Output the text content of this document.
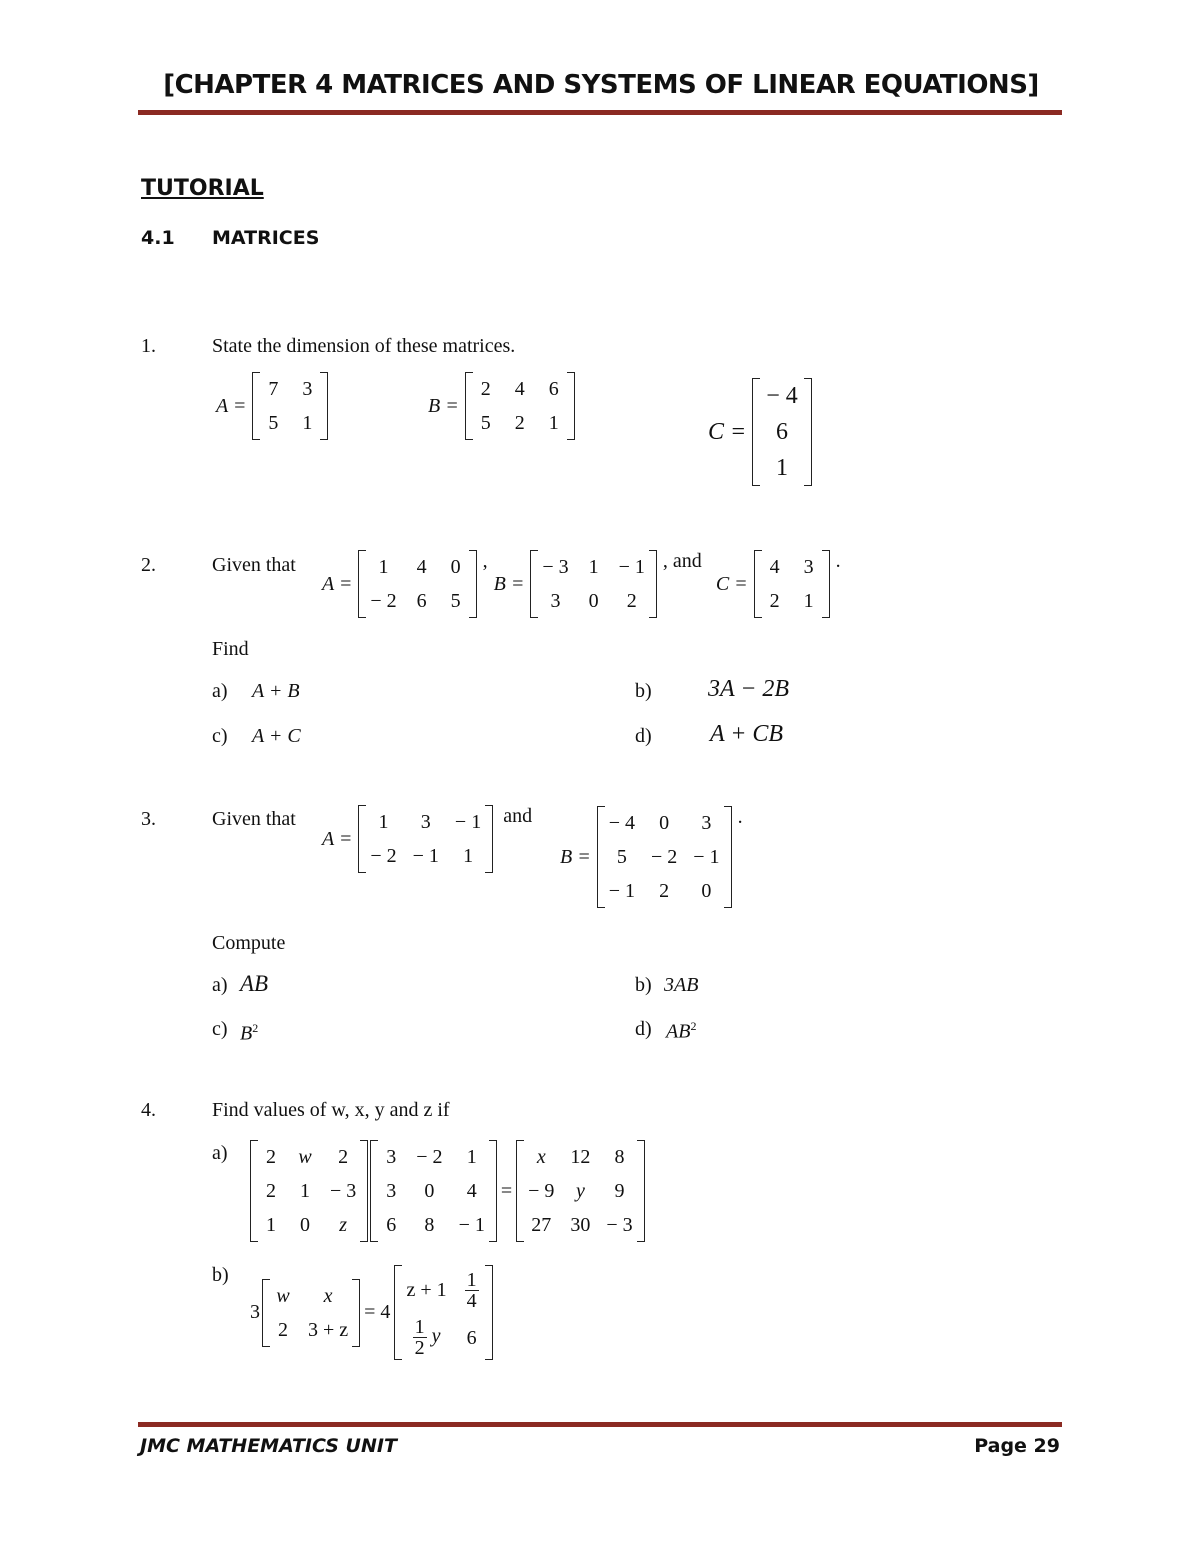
[CHAPTER 4 MATRICES AND SYSTEMS OF LINEAR EQUATIONS]
TUTORIAL
4.1 MATRICES
1.	State the dimension of these matrices.
A =
7	3
5	1
B =
2	4	6
5	2	1	C =
− 4
6
1
2.	Given that
A =
1	4	0
− 2	6	5
,
B =
− 3	1	− 1
3	0	2
, and
C =
4	3
2	1
.
Find
a) A + B	b) 3A − 2B
c) A + C	d) A + CB
3.	Given that
A =
1	3	− 1
− 2	− 1	1
and
B =
− 4	0	3
5	− 2	− 1
− 1	2	0
.
Compute
a) AB	b) 3AB
c) $B^2$	d) $AB^2$
4.	Find values of w, x, y and z if
a) 2	w	2
2	1	− 3
1	0	z
3	− 2	1
3	0	4
6	8	− 1
=
x	12	8
− 9	y	9
27	30	− 3
b)
3
w	x
2	3 + z
= 4
z + 1	$\frac{1}{4}$

$\frac{1}{2}$ y	6
JMC MATHEMATICS UNIT	Page 29
